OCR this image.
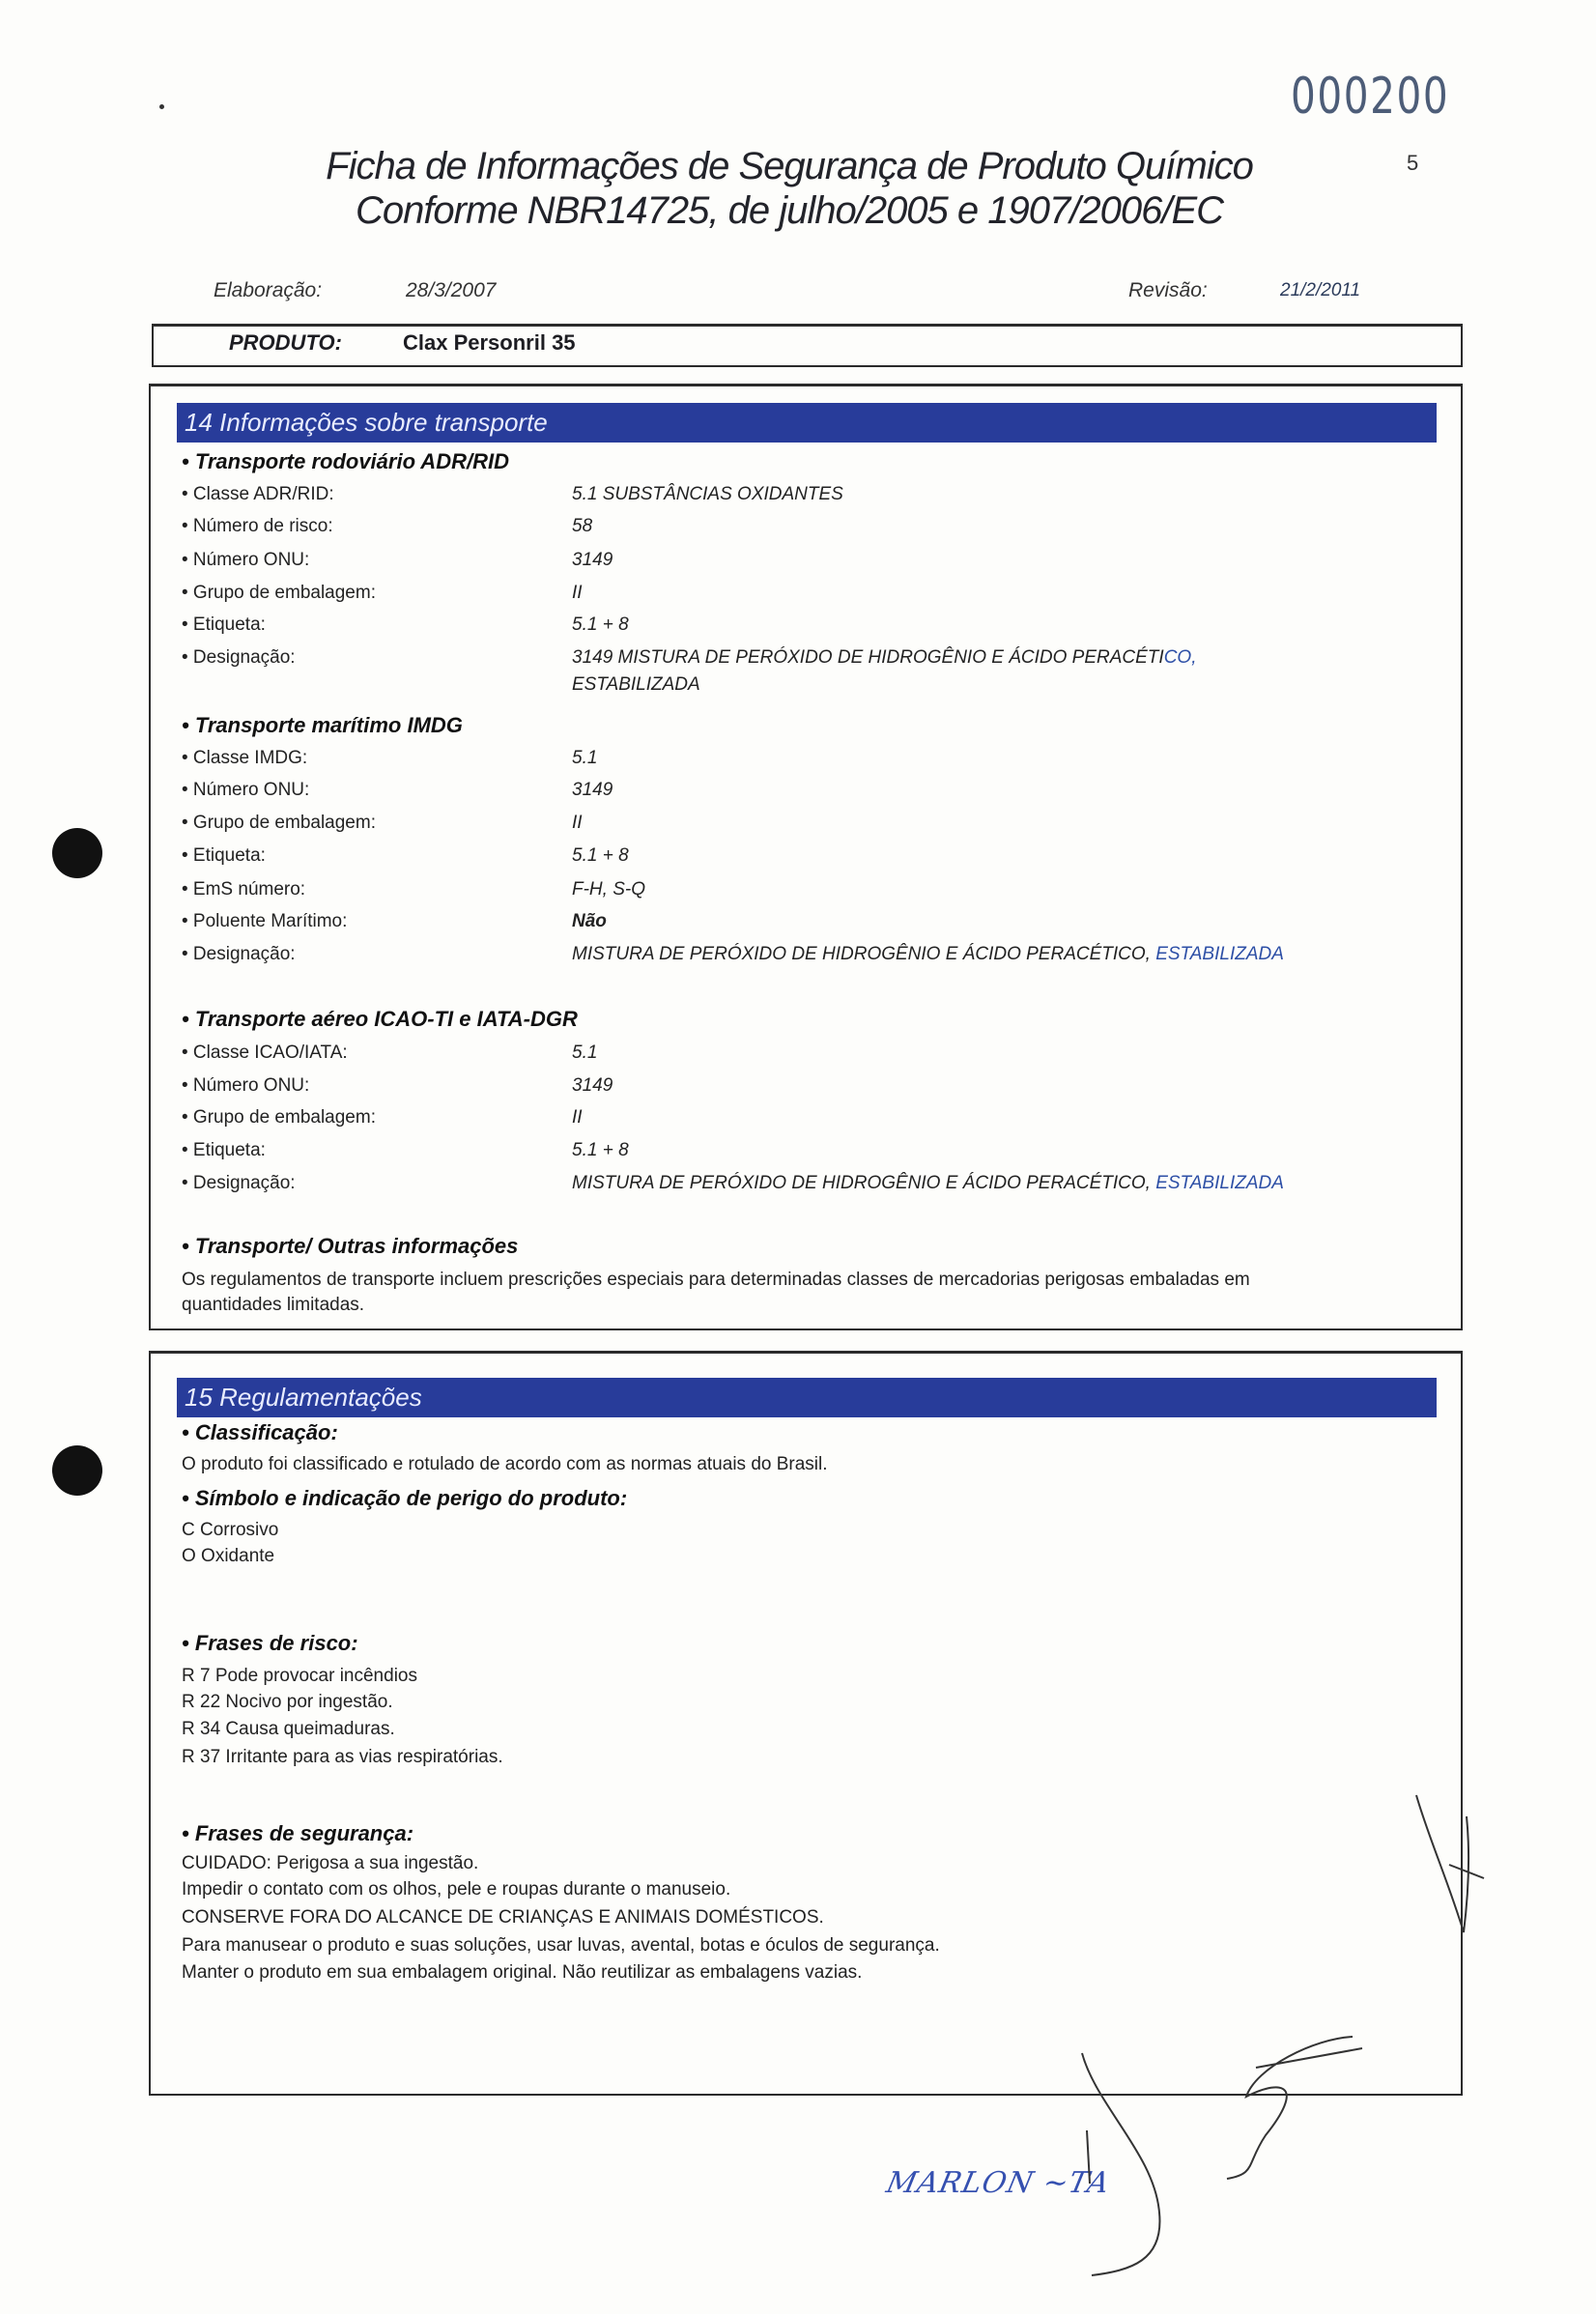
000200
5
Ficha de Informações de Segurança de Produto Químico
Conforme NBR14725, de julho/2005 e 1907/2006/EC
Elaboração:	28/3/2007	Revisão:	21/2/2011
PRODUTO:	Clax Personril 35
14 Informações sobre transporte
• Transporte rodoviário ADR/RID
• Classe ADR/RID:	5.1 SUBSTÂNCIAS OXIDANTES
• Número de risco:	58
• Número ONU:	3149
• Grupo de embalagem:	II
• Etiqueta:	5.1 + 8
• Designação:	3149 MISTURA DE PERÓXIDO DE HIDROGÊNIO E ÁCIDO PERACÉTICO,
ESTABILIZADA
• Transporte marítimo IMDG
• Classe IMDG:	5.1
• Número ONU:	3149
• Grupo de embalagem:	II
• Etiqueta:	5.1 + 8
• EmS número:	F-H, S-Q
• Poluente Marítimo:	Não
• Designação:	MISTURA DE PERÓXIDO DE HIDROGÊNIO E ÁCIDO PERACÉTICO, ESTABILIZADA
• Transporte aéreo ICAO-TI e IATA-DGR
• Classe ICAO/IATA:	5.1
• Número ONU:	3149
• Grupo de embalagem:	II
• Etiqueta:	5.1 + 8
• Designação:	MISTURA DE PERÓXIDO DE HIDROGÊNIO E ÁCIDO PERACÉTICO, ESTABILIZADA
• Transporte/ Outras informações
Os regulamentos de transporte incluem prescrições especiais para determinadas classes de mercadorias perigosas embaladas em
quantidades limitadas.
15 Regulamentações
• Classificação:
O produto foi classificado e rotulado de acordo com as normas atuais do Brasil.
• Símbolo e indicação de perigo do produto:
C Corrosivo
O Oxidante
• Frases de risco:
R 7 Pode provocar incêndios
R 22 Nocivo por ingestão.
R 34 Causa queimaduras.
R 37 Irritante para as vias respiratórias.
• Frases de segurança:
CUIDADO: Perigosa a sua ingestão.
Impedir o contato com os olhos, pele e roupas durante o manuseio.
CONSERVE FORA DO ALCANCE DE CRIANÇAS E ANIMAIS DOMÉSTICOS.
Para manusear o produto e suas soluções, usar luvas, avental, botas e óculos de segurança.
Manter o produto em sua embalagem original. Não reutilizar as embalagens vazias.
MARLON ~TA
